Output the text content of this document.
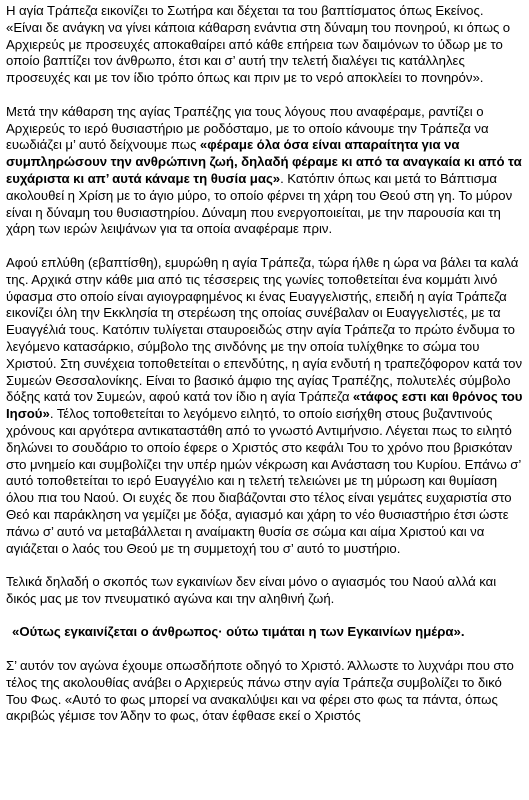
Η αγία Τράπεζα εικονίζει το Σωτήρα και δέχεται τα του βαπτίσματος όπως Εκείνος. «Είναι δε ανάγκη να γίνει κάποια κάθαρση ενάντια στη δύναμη του πονηρού, κι όπως ο Αρχιερεύς με προσευχές αποκαθαίρει από κάθε επήρεια των δαιμόνων το ύδωρ με το οποίο βαπτίζει τον άνθρωπο, έτσι και σ’ αυτή την τελετή διαλέγει τις κατάλληλες προσευχές και με τον ίδιο τρόπο όπως και πριν με το νερό αποκλείει το πονηρόν».

Μετά την κάθαρση της αγίας Τραπέζης για τους λόγους που αναφέραμε, ραντίζει ο Αρχιερεύς το ιερό θυσιαστήριο με ροδόσταμο, με το οποίο κάνουμε την Τράπεζα να ευωδιάζει μ’ αυτό δείχνουμε πως «φέραμε όλα όσα είναι απαραίτητα για να συμπληρώσουν την ανθρώπινη ζωή, δηλαδή φέραμε κι από τα αναγκαία κι από τα ευχάριστα κι απ’ αυτά κάναμε τη θυσία μας». Κατόπιν όπως και μετά το Βάπτισμα ακολουθεί η Χρίση με το άγιο μύρο, το οποίο φέρνει τη χάρη του Θεού στη γη. Το μύρον είναι η δύναμη του θυσιαστηρίου. Δύναμη που ενεργοποιείται, με την παρουσία και τη χάρη των ιερών λειψάνων για τα οποία αναφέραμε πριν.

Αφού επλύθη (εβαπτίσθη), εμυρώθη η αγία Τράπεζα, τώρα ήλθε η ώρα να βάλει τα καλά της. Αρχικά στην κάθε μια από τις τέσσερεις της γωνίες τοποθετείται ένα κομμάτι λινό ύφασμα στο οποίο είναι αγιογραφημένος κι ένας Ευαγγελιστής, επειδή η αγία Τράπεζα εικονίζει όλη την Εκκλησία τη στερέωση της οποίας συνέβαλαν οι Ευαγγελιστές, με τα Ευαγγέλιά τους. Κατόπιν τυλίγεται σταυροειδώς στην αγία Τράπεζα το πρώτο ένδυμα το λεγόμενο κατασάρκιο, σύμβολο της σινδόνης με την οποία τυλίχθηκε το σώμα του Χριστού. Στη συνέχεια τοποθετείται ο επενδύτης, η αγία ενδυτή η τραπεζόφορον κατά τον Συμεών Θεσσαλονίκης. Είναι το βασικό άμφιο της αγίας Τραπέζης, πολυτελές σύμβολο δόξης κατά τον Συμεών, αφού κατά τον ίδιο η αγία Τράπεζα «τάφος εστι και θρόνος του Ιησού». Τέλος τοποθετείται το λεγόμενο ειλητό, το οποίο εισήχθη στους βυζαντινούς χρόνους και αργότερα αντικαταστάθη από το γνωστό Αντιμήνσιο. Λέγεται πως το ειλητό δηλώνει το σουδάριο το οποίο έφερε ο Χριστός στο κεφάλι Του το χρόνο που βρισκόταν στο μνημείο και συμβολίζει την υπέρ ημών νέκρωση και Ανάσταση του Κυρίου. Επάνω σ’ αυτό τοποθετείται το ιερό Ευαγγέλιο και η τελετή τελειώνει με τη μύρωση και θυμίαση όλου πια του Ναού. Οι ευχές δε που διαβάζονται στο τέλος είναι γεμάτες ευχαριστία στο Θεό και παράκληση να γεμίζει με δόξα, αγιασμό και χάρη το νέο θυσιαστήριο έτσι ώστε πάνω σ’ αυτό να μεταβάλλεται η αναίμακτη θυσία σε σώμα και αίμα Χριστού και να αγιάζεται ο λαός του Θεού με τη συμμετοχή του σ’ αυτό το μυστήριο.

Τελικά δηλαδή ο σκοπός των εγκαινίων δεν είναι μόνο ο αγιασμός του Ναού αλλά και δικός μας με τον πνευματικό αγώνα και την αληθινή ζωή.

«Ούτως εγκαινίζεται ο άνθρωπος· ούτω τιμάται η των Εγκαινίων ημέρα».

Σ’ αυτόν τον αγώνα έχουμε οπωσδήποτε οδηγό το Χριστό. Άλλωστε το λυχνάρι που στο τέλος της ακολουθίας ανάβει ο Αρχιερεύς πάνω στην αγία Τράπεζα συμβολίζει το δικό Του Φως. «Αυτό το φως μπορεί να ανακαλύψει και να φέρει στο φως τα πάντα, όπως ακριβώς γέμισε τον Άδην το φως, όταν έφθασε εκεί ο Χριστός
